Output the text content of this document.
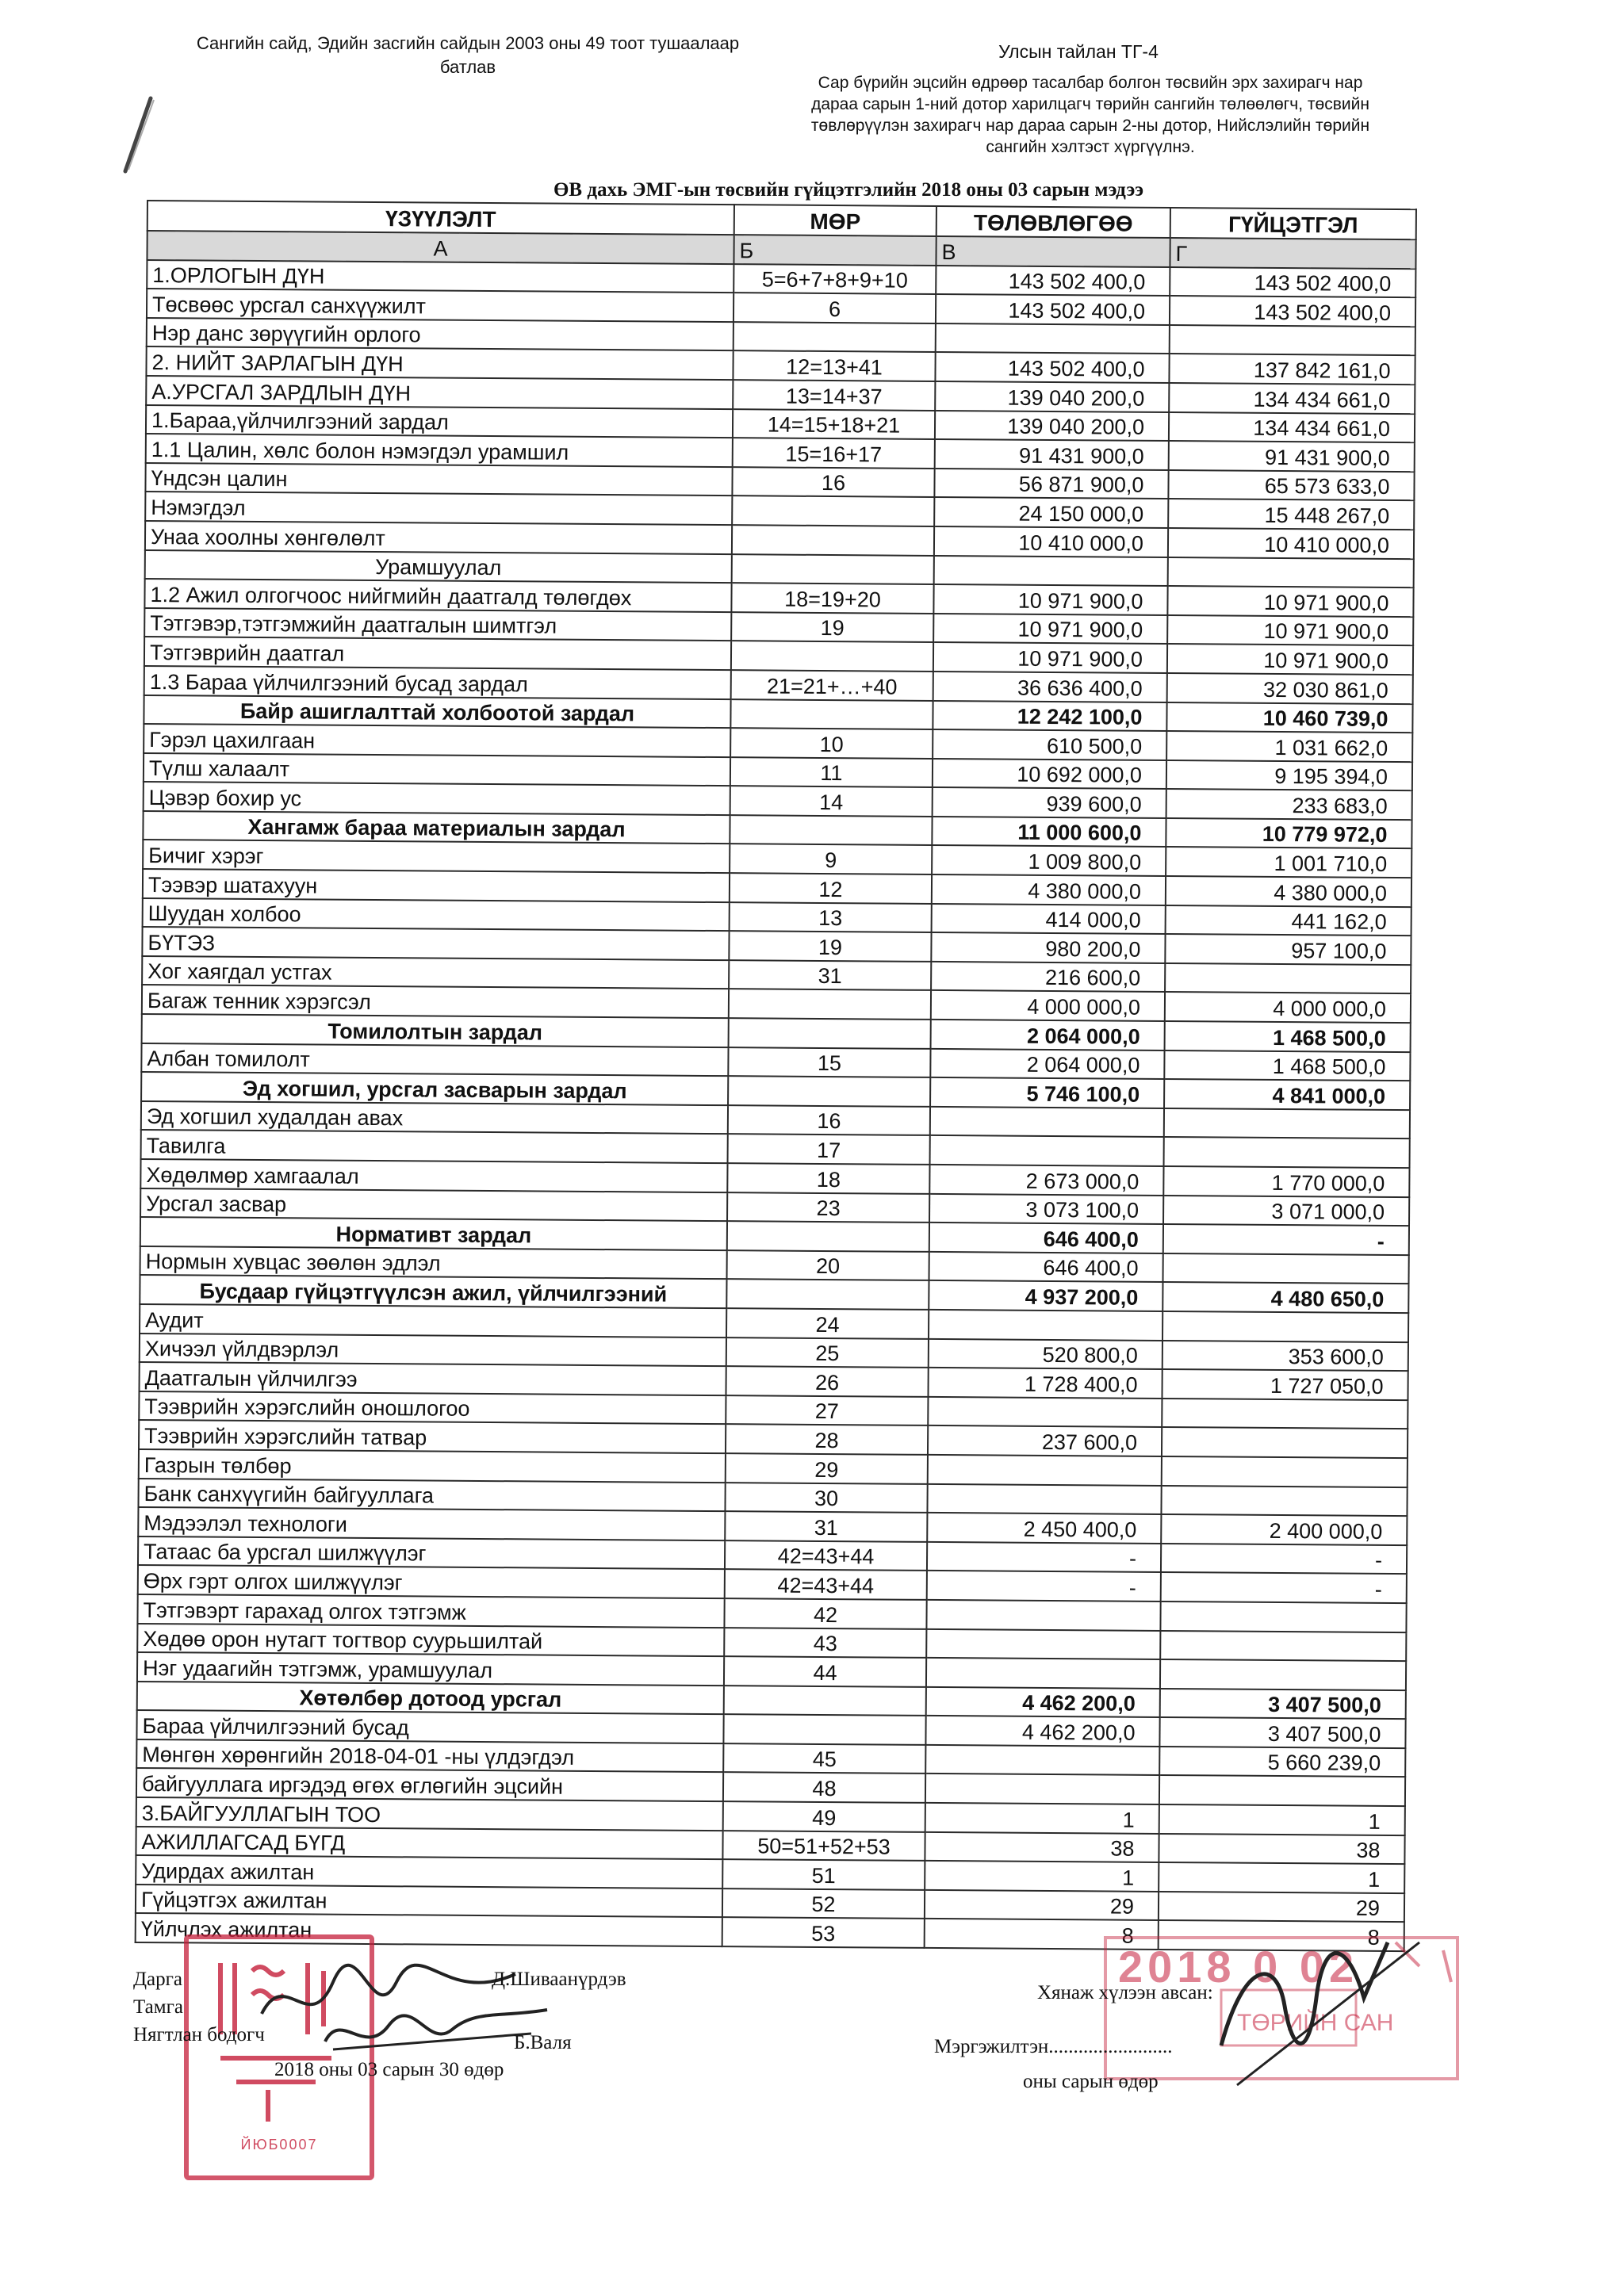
Сангийн сайд, Эдийн засгийн сайдын 2003 оны 49 тоот тушаалаар
батлав
Улсын тайлан ТГ-4
Сар бүрийн эцсийн өдрөөр тасалбар болгон төсвийн эрх захирагч нар
дараа сарын 1-ний дотор харилцагч төрийн сангийн төлөөлөгч, төсвийн
төвлөрүүлэн захирагч нар дараа сарын 2-ны дотор, Нийслэлийн төрийн
сангийн хэлтэст хүргүүлнэ.
ӨВ дахь ЭМГ-ын төсвийн гүйцэтгэлийн 2018 оны 03 сарын мэдээ
ҮЗҮҮЛЭЛТ	МӨР	ТӨЛӨВЛӨГӨӨ	ГҮЙЦЭТГЭЛ
А	Б	В	Г
1.ОРЛОГЫН ДҮН	5=6+7+8+9+10	143 502 400,0	143 502 400,0
Төсвөөс урсгал санхүүжилт	6	143 502 400,0	143 502 400,0
Нэр данс зөрүүгийн орлого			
2. НИЙТ ЗАРЛАГЫН ДҮН	12=13+41	143 502 400,0	137 842 161,0
А.УРСГАЛ ЗАРДЛЫН ДҮН	13=14+37	139 040 200,0	134 434 661,0
1.Бараа,үйлчилгээний зардал	14=15+18+21	139 040 200,0	134 434 661,0
1.1 Цалин, хөлс болон нэмэгдэл урамшил	15=16+17	91 431 900,0	91 431 900,0
Үндсэн цалин	16	56 871 900,0	65 573 633,0
Нэмэгдэл		24 150 000,0	15 448 267,0
Унаа хоолны хөнгөлөлт		10 410 000,0	10 410 000,0
Урамшуулал			
1.2 Ажил олгогчоос нийгмийн даатгалд төлөгдөх	18=19+20	10 971 900,0	10 971 900,0
Тэтгэвэр,тэтгэмжийн даатгалын шимтгэл	19	10 971 900,0	10 971 900,0
Тэтгэврийн даатгал		10 971 900,0	10 971 900,0
1.3 Бараа үйлчилгээний бусад зардал	21=21+…+40	36 636 400,0	32 030 861,0
Байр ашиглалттай холбоотой зардал		12 242 100,0	10 460 739,0
Гэрэл цахилгаан	10	610 500,0	1 031 662,0
Түлш халаалт	11	10 692 000,0	9 195 394,0
Цэвэр бохир ус	14	939 600,0	233 683,0
Хангамж бараа материалын зардал		11 000 600,0	10 779 972,0
Бичиг хэрэг	9	1 009 800,0	1 001 710,0
Тээвэр шатахуун	12	4 380 000,0	4 380 000,0
Шуудан холбоо	13	414 000,0	441 162,0
БҮТЭЗ	19	980 200,0	957 100,0
Хог хаягдал устгах	31	216 600,0	
Багаж тенник хэрэгсэл		4 000 000,0	4 000 000,0
Томилолтын зардал		2 064 000,0	1 468 500,0
Албан томилолт	15	2 064 000,0	1 468 500,0
Эд хогшил, урсгал засварын зардал		5 746 100,0	4 841 000,0
Эд хогшил худалдан авах	16		
Тавилга	17		
Хөдөлмөр хамгаалал	18	2 673 000,0	1 770 000,0
Урсгал засвар	23	3 073 100,0	3 071 000,0
Нормативт зардал		646 400,0	-
Нормын хувцас зөөлөн эдлэл	20	646 400,0	
Бусдаар гүйцэтгүүлсэн ажил, үйлчилгээний		4 937 200,0	4 480 650,0
Аудит	24		
Хичээл үйлдвэрлэл	25	520 800,0	353 600,0
Даатгалын үйлчилгээ	26	1 728 400,0	1 727 050,0
Тээврийн хэрэгслийн оношлогоо	27		
Тээврийн хэрэгслийн татвар	28	237 600,0	
Газрын төлбөр	29		
Банк санхүүгийн байгууллага	30		
Мэдээлэл технологи	31	2 450 400,0	2 400 000,0
Татаас ба урсгал шилжүүлэг	42=43+44	-	-
Өрх гэрт олгох шилжүүлэг	42=43+44	-	-
Тэтгэвэрт гарахад олгох тэтгэмж	42		
Хөдөө орон нутагт тогтвор суурьшилтай	43		
Нэг удаагийн тэтгэмж, урамшуулал	44		
Хөтөлбөр дотоод урсгал		4 462 200,0	3 407 500,0
Бараа үйлчилгээний бусад		4 462 200,0	3 407 500,0
Мөнгөн хөрөнгийн 2018-04-01 -ны үлдэгдэл	45		5 660 239,0
байгууллага иргэдэд өгөх өглөгийн эцсийн	48		
3.БАЙГУУЛЛАГЫН ТОО	49	1	1
АЖИЛЛАГСАД БҮГД	50=51+52+53	38	38
Удирдах ажилтан	51	1	1
Гүйцэтгэх ажилтан	52	29	29
Үйлчлэх ажилтан	53	8	8
ЙЮБ0007
2018 0 02
ТӨРИЙН САН
Дарга	Д.Шиваанүрдэв
Тамга
Нягтлан бодогч	Б.Валя
2018 оны 03 сарын 30 өдөр
Хянаж хүлээн авсан:
Мэргэжилтэн.........................
оны сарын өдөр
